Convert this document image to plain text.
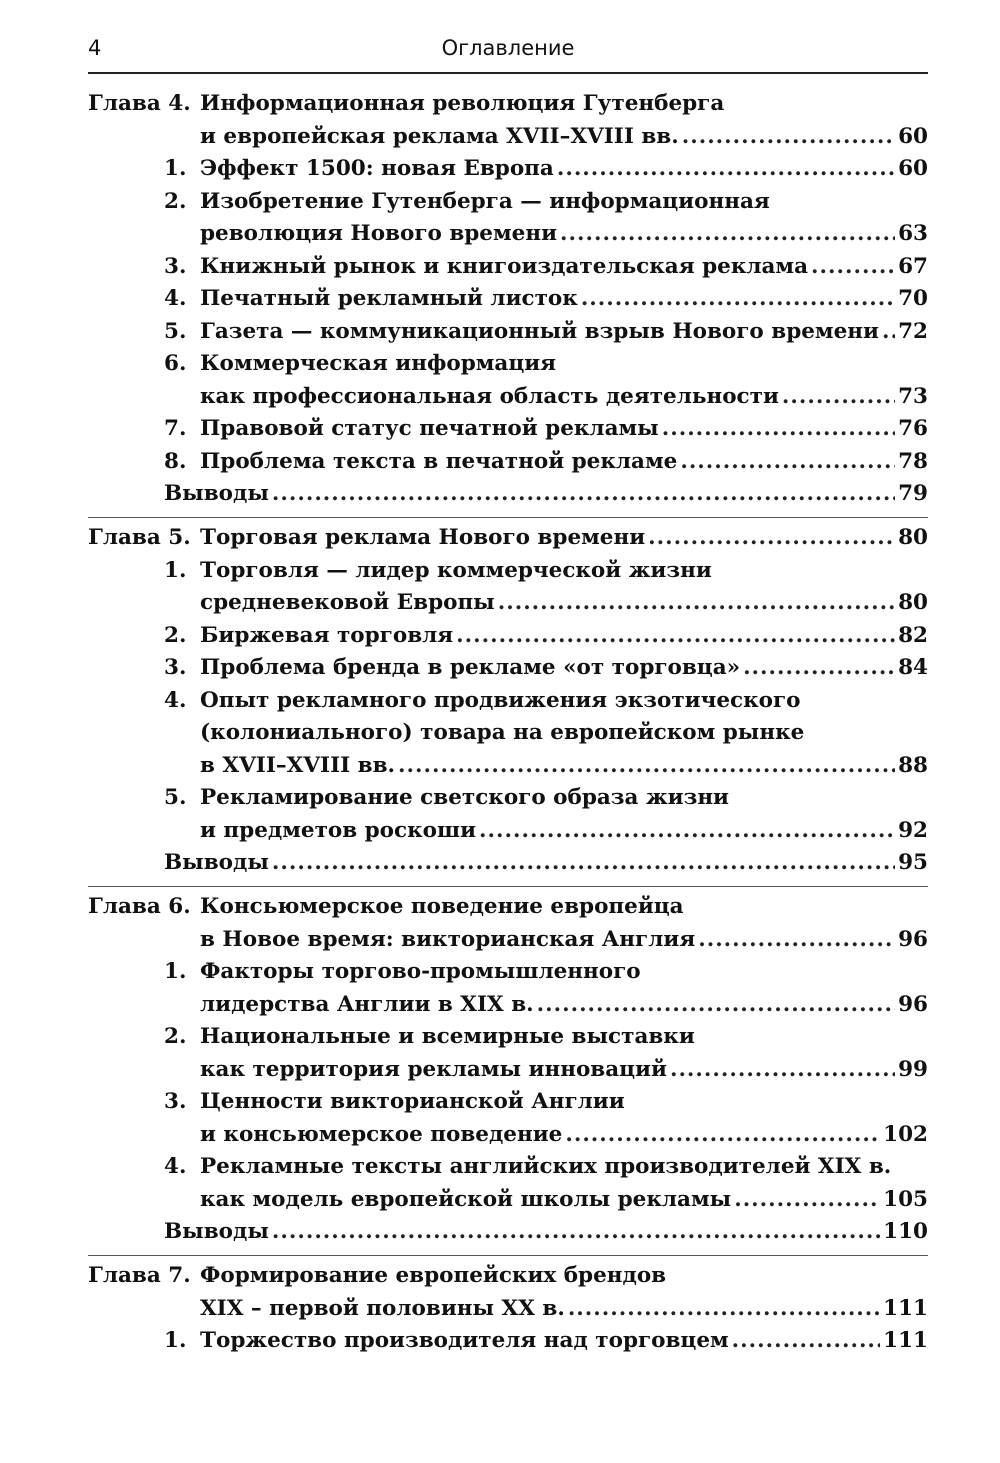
4	Оглавление
Глава 4. Информационная революция Гутенберга
и европейская реклама XVII–XVIII вв. .....	60
1. Эффект 1500: новая Европа .....	60
2. Изобретение Гутенберга — информационная
революция Нового времени .....	63
3. Книжный рынок и книгоиздательская реклама .....	67
4. Печатный рекламный листок .....	70
5. Газета — коммуникационный взрыв Нового времени ..... 72
6. Коммерческая информация
как профессиональная область деятельности .....	73
7. Правовой статус печатной рекламы .....	76
8. Проблема текста в печатной рекламе .....	78
Выводы .....	79
Глава 5. Торговая реклама Нового времени .....	80
1. Торговля — лидер коммерческой жизни
средневековой Европы .....	80
2. Биржевая торговля .....	82
3. Проблема бренда в рекламе «от торговца» .....	84
4. Опыт рекламного продвижения экзотического
(колониального) товара на европейском рынке
в XVII–XVIII вв. .....	88
5. Рекламирование светского образа жизни
и предметов роскоши .....	92
Выводы .....	95
Глава 6. Консьюмерское поведение европейца
в Новое время: викторианская Англия .....	96
1. Факторы торгово-промышленного
лидерства Англии в XIX в. .....	96
2. Национальные и всемирные выставки
как территория рекламы инноваций .....	99
3. Ценности викторианской Англии
и консьюмерское поведение .....	102
4. Рекламные тексты английских производителей XIX в.
как модель европейской школы рекламы .....	105
Выводы .....	110
Глава 7. Формирование европейских брендов
XIX – первой половины XX в. .....	111
1. Торжество производителя над торговцем .....	111
